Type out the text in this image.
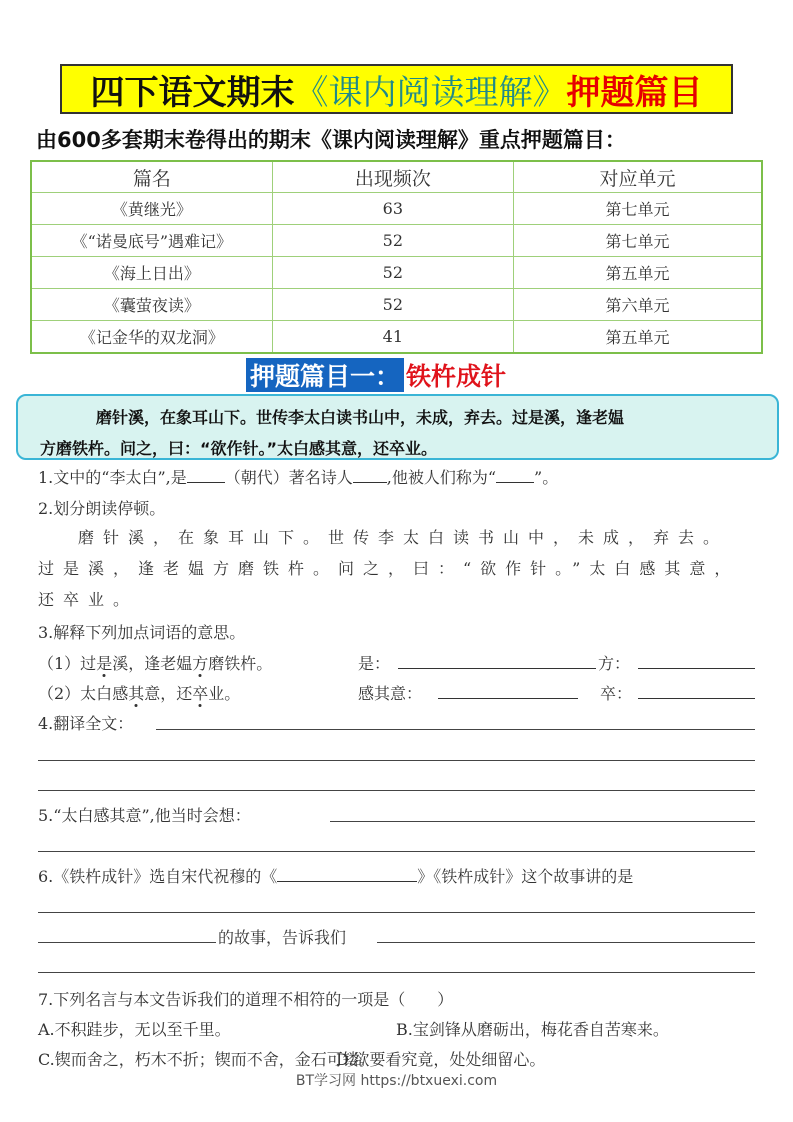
四下语文期末 《课内阅读理解》 押题篇目
由600多套期末卷得出的期末《课内阅读理解》重点押题篇目：
篇名	出现频次	对应单元
《黄继光》	63	第七单元
《“诺曼底号”遇难记》	52	第七单元
《海上日出》	52	第五单元
《囊萤夜读》	52	第六单元
《记金华的双龙洞》	41	第五单元
押题篇目一： 铁杵成针
磨针溪，在象耳山下。世传李太白读书山中，未成，弃去。过是溪，逢老媪
方磨铁杵。问之，曰：“欲作针。”太白感其意，还卒业。
1.文中的“李太白”,是 （朝代）著名诗人 ,他被人们称为“ ”。
2.划分朗读停顿。
磨针溪，在象耳山下。世传李太白读书山中，未成，弃去。
过是溪，逢老媪方磨铁杵。问之，曰：“欲作针。”太白感其意，
还卒业。
3.解释下列加点词语的意思。
（1）过是溪，逢老媪方磨铁杵。	是：	方：
（2）太白感其意，还卒业。	感其意：	卒：
4.翻译全文：
5.“太白感其意”,他当时会想：
6.《铁杵成针》选自宋代祝穆的《	》《铁杵成针》这个故事讲的是
的故事，告诉我们
7.下列名言与本文告诉我们的道理不相符的一项是（　　）
A.不积跬步，无以至千里。	B.宝剑锋从磨砺出，梅花香自苦寒来。
C.锲而舍之，朽木不折；锲而不舍，金石可镂。
D.欲要看究竟，处处细留心。
BT学习网 https://btxuexi.com
